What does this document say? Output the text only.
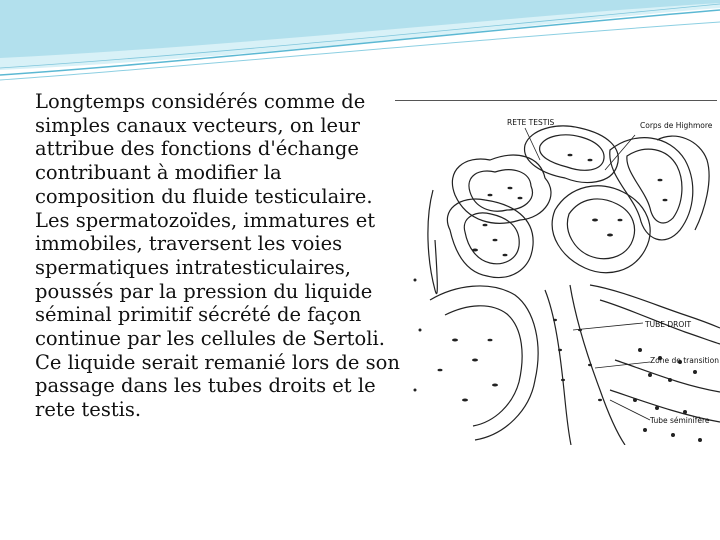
Longtemps considérés comme de simples canaux vecteurs, on leur attribue des fonctions d'échange contribuant à modifier la composition du fluide testiculaire. Les spermatozoïdes, immatures et immobiles, traversent les voies spermatiques intratesticulaires, poussés par la pression du liquide séminal primitif sécrété de façon continue par les cellules de Sertoli. Ce liquide serait remanié lors de son passage dans les tubes droits et le rete testis.

RETE TESTIS	Corps de Highmore
TUBE DROIT
Zone de transition
Tube séminifère
